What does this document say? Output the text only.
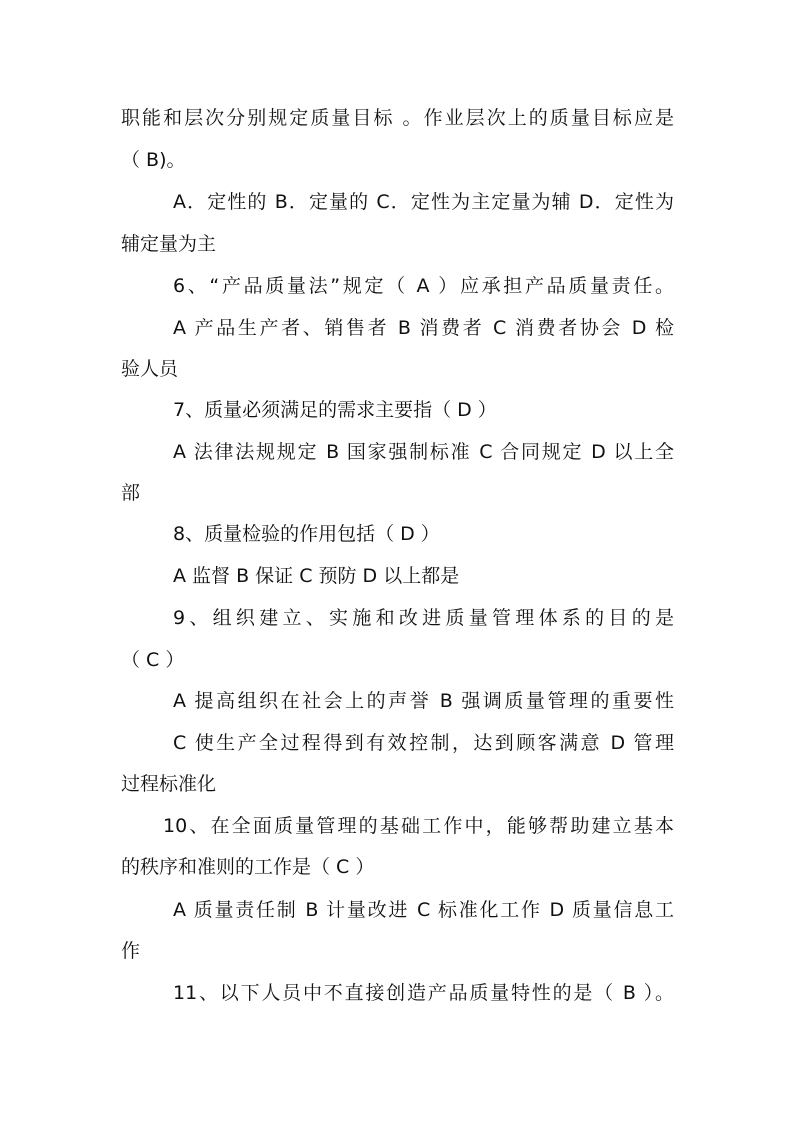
职能和层次分别规定质量目标 。作业层次上的质量目标应是
（ B)。
A．定性的 B．定量的 C．定性为主定量为辅 D．定性为
辅定量为主
6、“产品质量法”规定（ A ）应承担产品质量责任。
A 产品生产者、销售者 B 消费者 C 消费者协会 D 检
验人员
7、质量必须满足的需求主要指（ D ）
A 法律法规规定 B 国家强制标准 C 合同规定 D 以上全
部
8、质量检验的作用包括（ D ）
A 监督 B 保证 C 预防 D 以上都是
9、组织建立、实施和改进质量管理体系的目的是
（ C ）
A 提高组织在社会上的声誉 B 强调质量管理的重要性
C 使生产全过程得到有效控制，达到顾客满意 D 管理
过程标准化
10、在全面质量管理的基础工作中，能够帮助建立基本
的秩序和准则的工作是（ C ）
A 质量责任制 B 计量改进 C 标准化工作 D 质量信息工
作
11、以下人员中不直接创造产品质量特性的是（ B ）。
